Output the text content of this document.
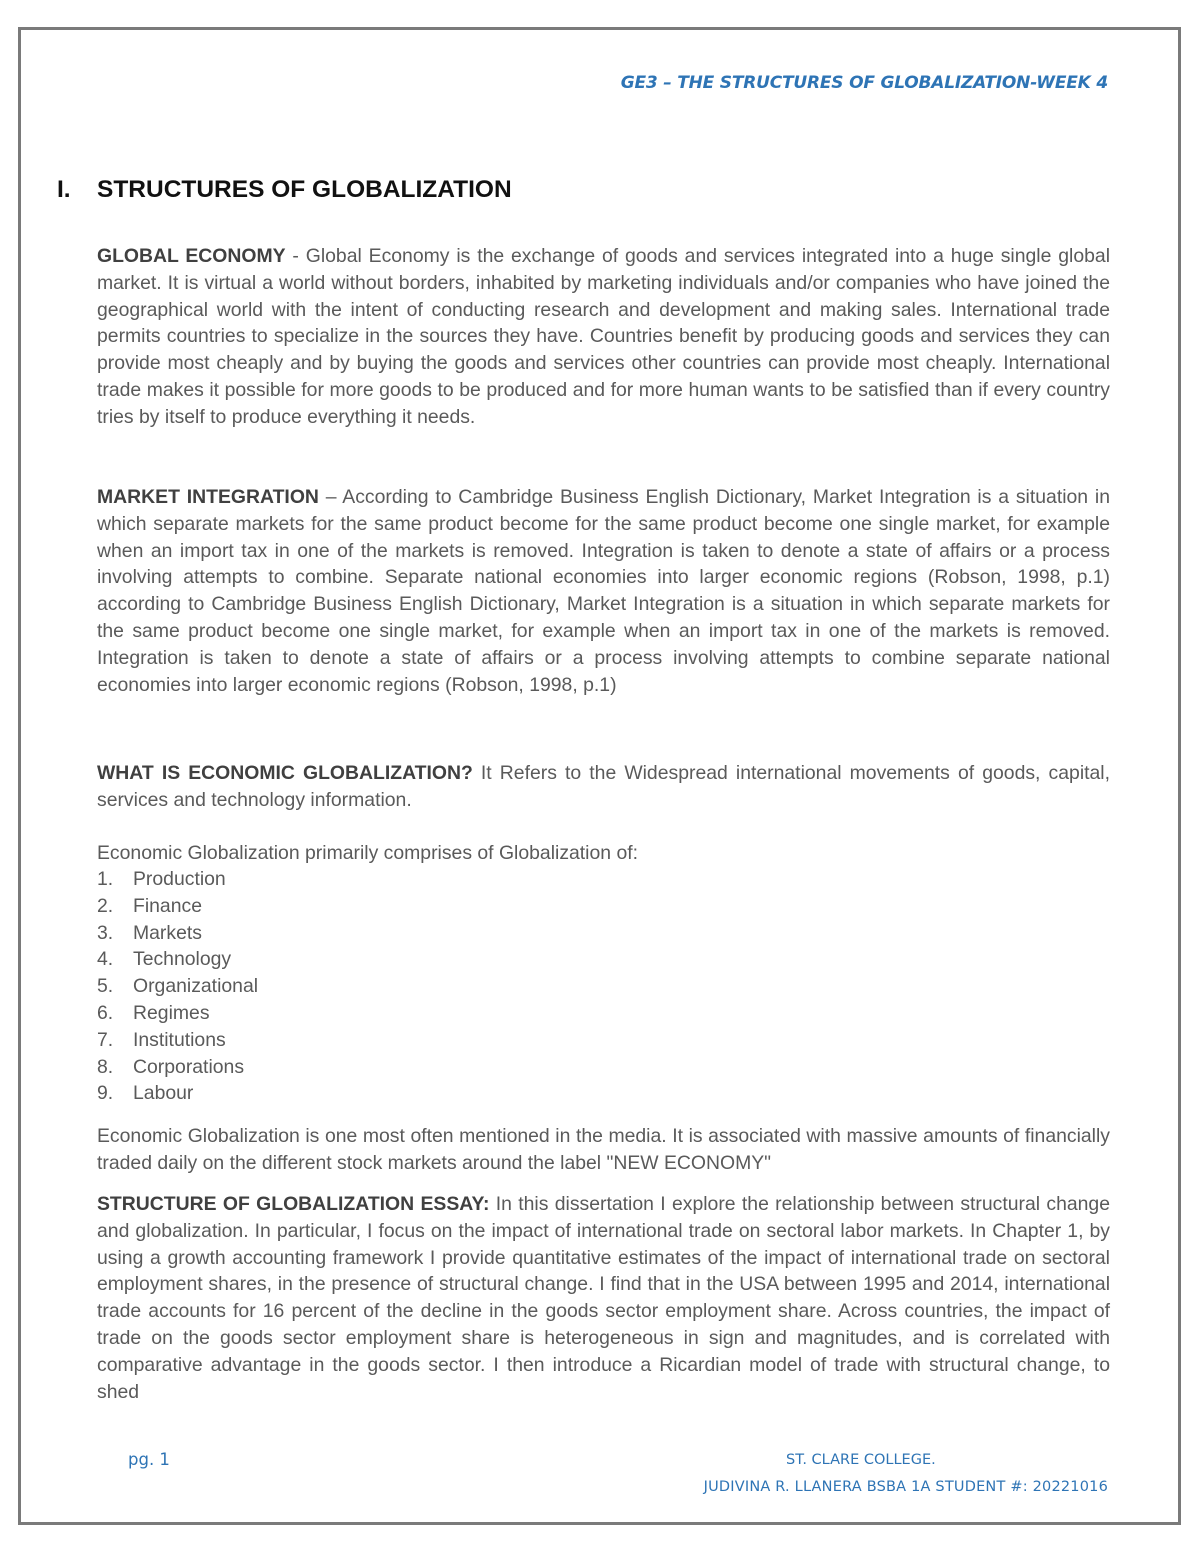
GE3 – THE STRUCTURES OF GLOBALIZATION-WEEK 4
I. STRUCTURES OF GLOBALIZATION

GLOBAL ECONOMY - Global Economy is the exchange of goods and services integrated into a huge single global market. It is virtual a world without borders, inhabited by marketing individuals and/or companies who have joined the geographical world with the intent of conducting research and development and making sales. International trade permits countries to specialize in the sources they have. Countries benefit by producing goods and services they can provide most cheaply and by buying the goods and services other countries can provide most cheaply. International trade makes it possible for more goods to be produced and for more human wants to be satisfied than if every country tries by itself to produce everything it needs.

MARKET INTEGRATION – According to Cambridge Business English Dictionary, Market Integration is a situation in which separate markets for the same product become for the same product become one single market, for example when an import tax in one of the markets is removed. Integration is taken to denote a state of affairs or a process involving attempts to combine. Separate national economies into larger economic regions (Robson, 1998, p.1) according to Cambridge Business English Dictionary, Market Integration is a situation in which separate markets for the same product become one single market, for example when an import tax in one of the markets is removed. Integration is taken to denote a state of affairs or a process involving attempts to combine separate national economies into larger economic regions (Robson, 1998, p.1)

WHAT IS ECONOMIC GLOBALIZATION? It Refers to the Widespread international movements of goods, capital, services and technology information.

Economic Globalization primarily comprises of Globalization of:

1.	Production
2.	Finance
3.	Markets
4.	Technology
5.	Organizational
6.	Regimes
7.	Institutions
8.	Corporations
9.	Labour

Economic Globalization is one most often mentioned in the media. It is associated with massive amounts of financially traded daily on the different stock markets around the label "NEW ECONOMY"

STRUCTURE OF GLOBALIZATION ESSAY: In this dissertation I explore the relationship between structural change and globalization. In particular, I focus on the impact of international trade on sectoral labor markets. In Chapter 1, by using a growth accounting framework I provide quantitative estimates of the impact of international trade on sectoral employment shares, in the presence of structural change. I find that in the USA between 1995 and 2014, international trade accounts for 16 percent of the decline in the goods sector employment share. Across countries, the impact of trade on the goods sector employment share is heterogeneous in sign and magnitudes, and is correlated with comparative advantage in the goods sector. I then introduce a Ricardian model of trade with structural change, to shed

pg. 1	ST. CLARE COLLEGE.
JUDIVINA R. LLANERA BSBA 1A STUDENT #: 20221016
